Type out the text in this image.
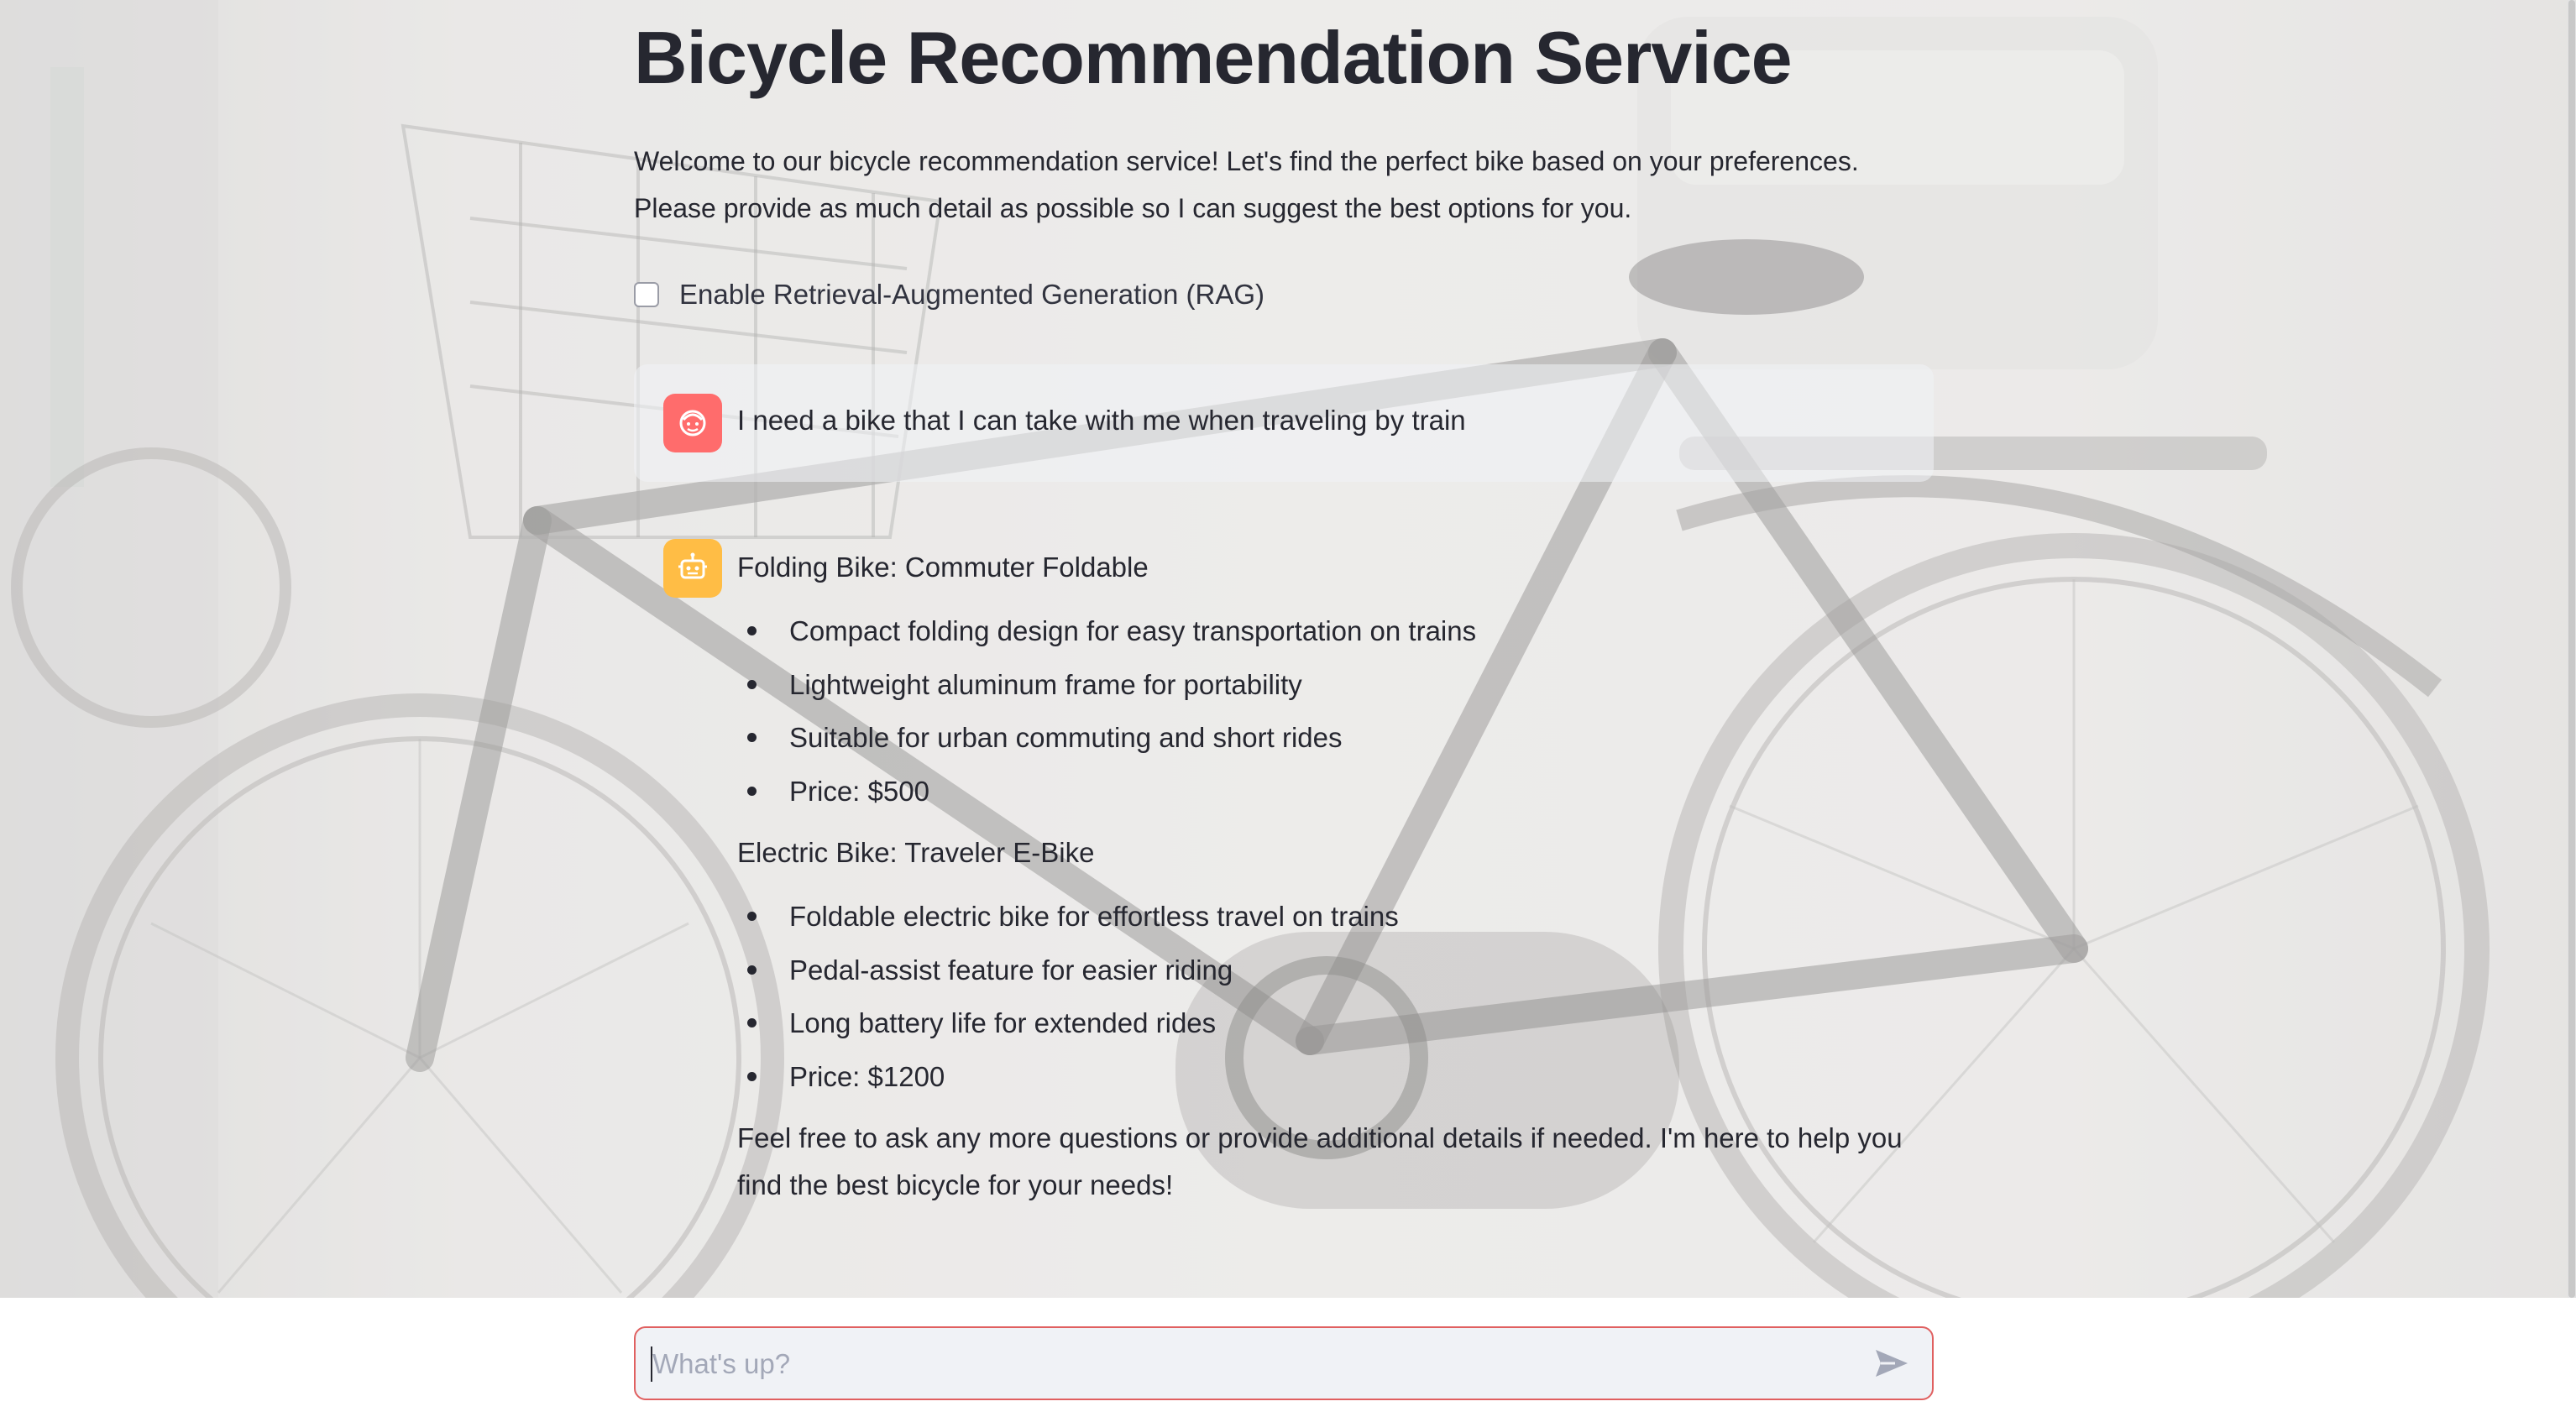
Bicycle Recommendation Service
Welcome to our bicycle recommendation service! Let's find the perfect bike based on your preferences. Please provide as much detail as possible so I can suggest the best options for you.
Enable Retrieval-Augmented Generation (RAG)
I need a bike that I can take with me when traveling by train

Folding Bike: Commuter Foldable

Compact folding design for easy transportation on trains
Lightweight aluminum frame for portability
Suitable for urban commuting and short rides
Price: $500

Electric Bike: Traveler E-Bike

Foldable electric bike for effortless travel on trains
Pedal-assist feature for easier riding
Long battery life for extended rides
Price: $1200

Feel free to ask any more questions or provide additional details if needed. I'm here to help you find the best bicycle for your needs!

What's up?
